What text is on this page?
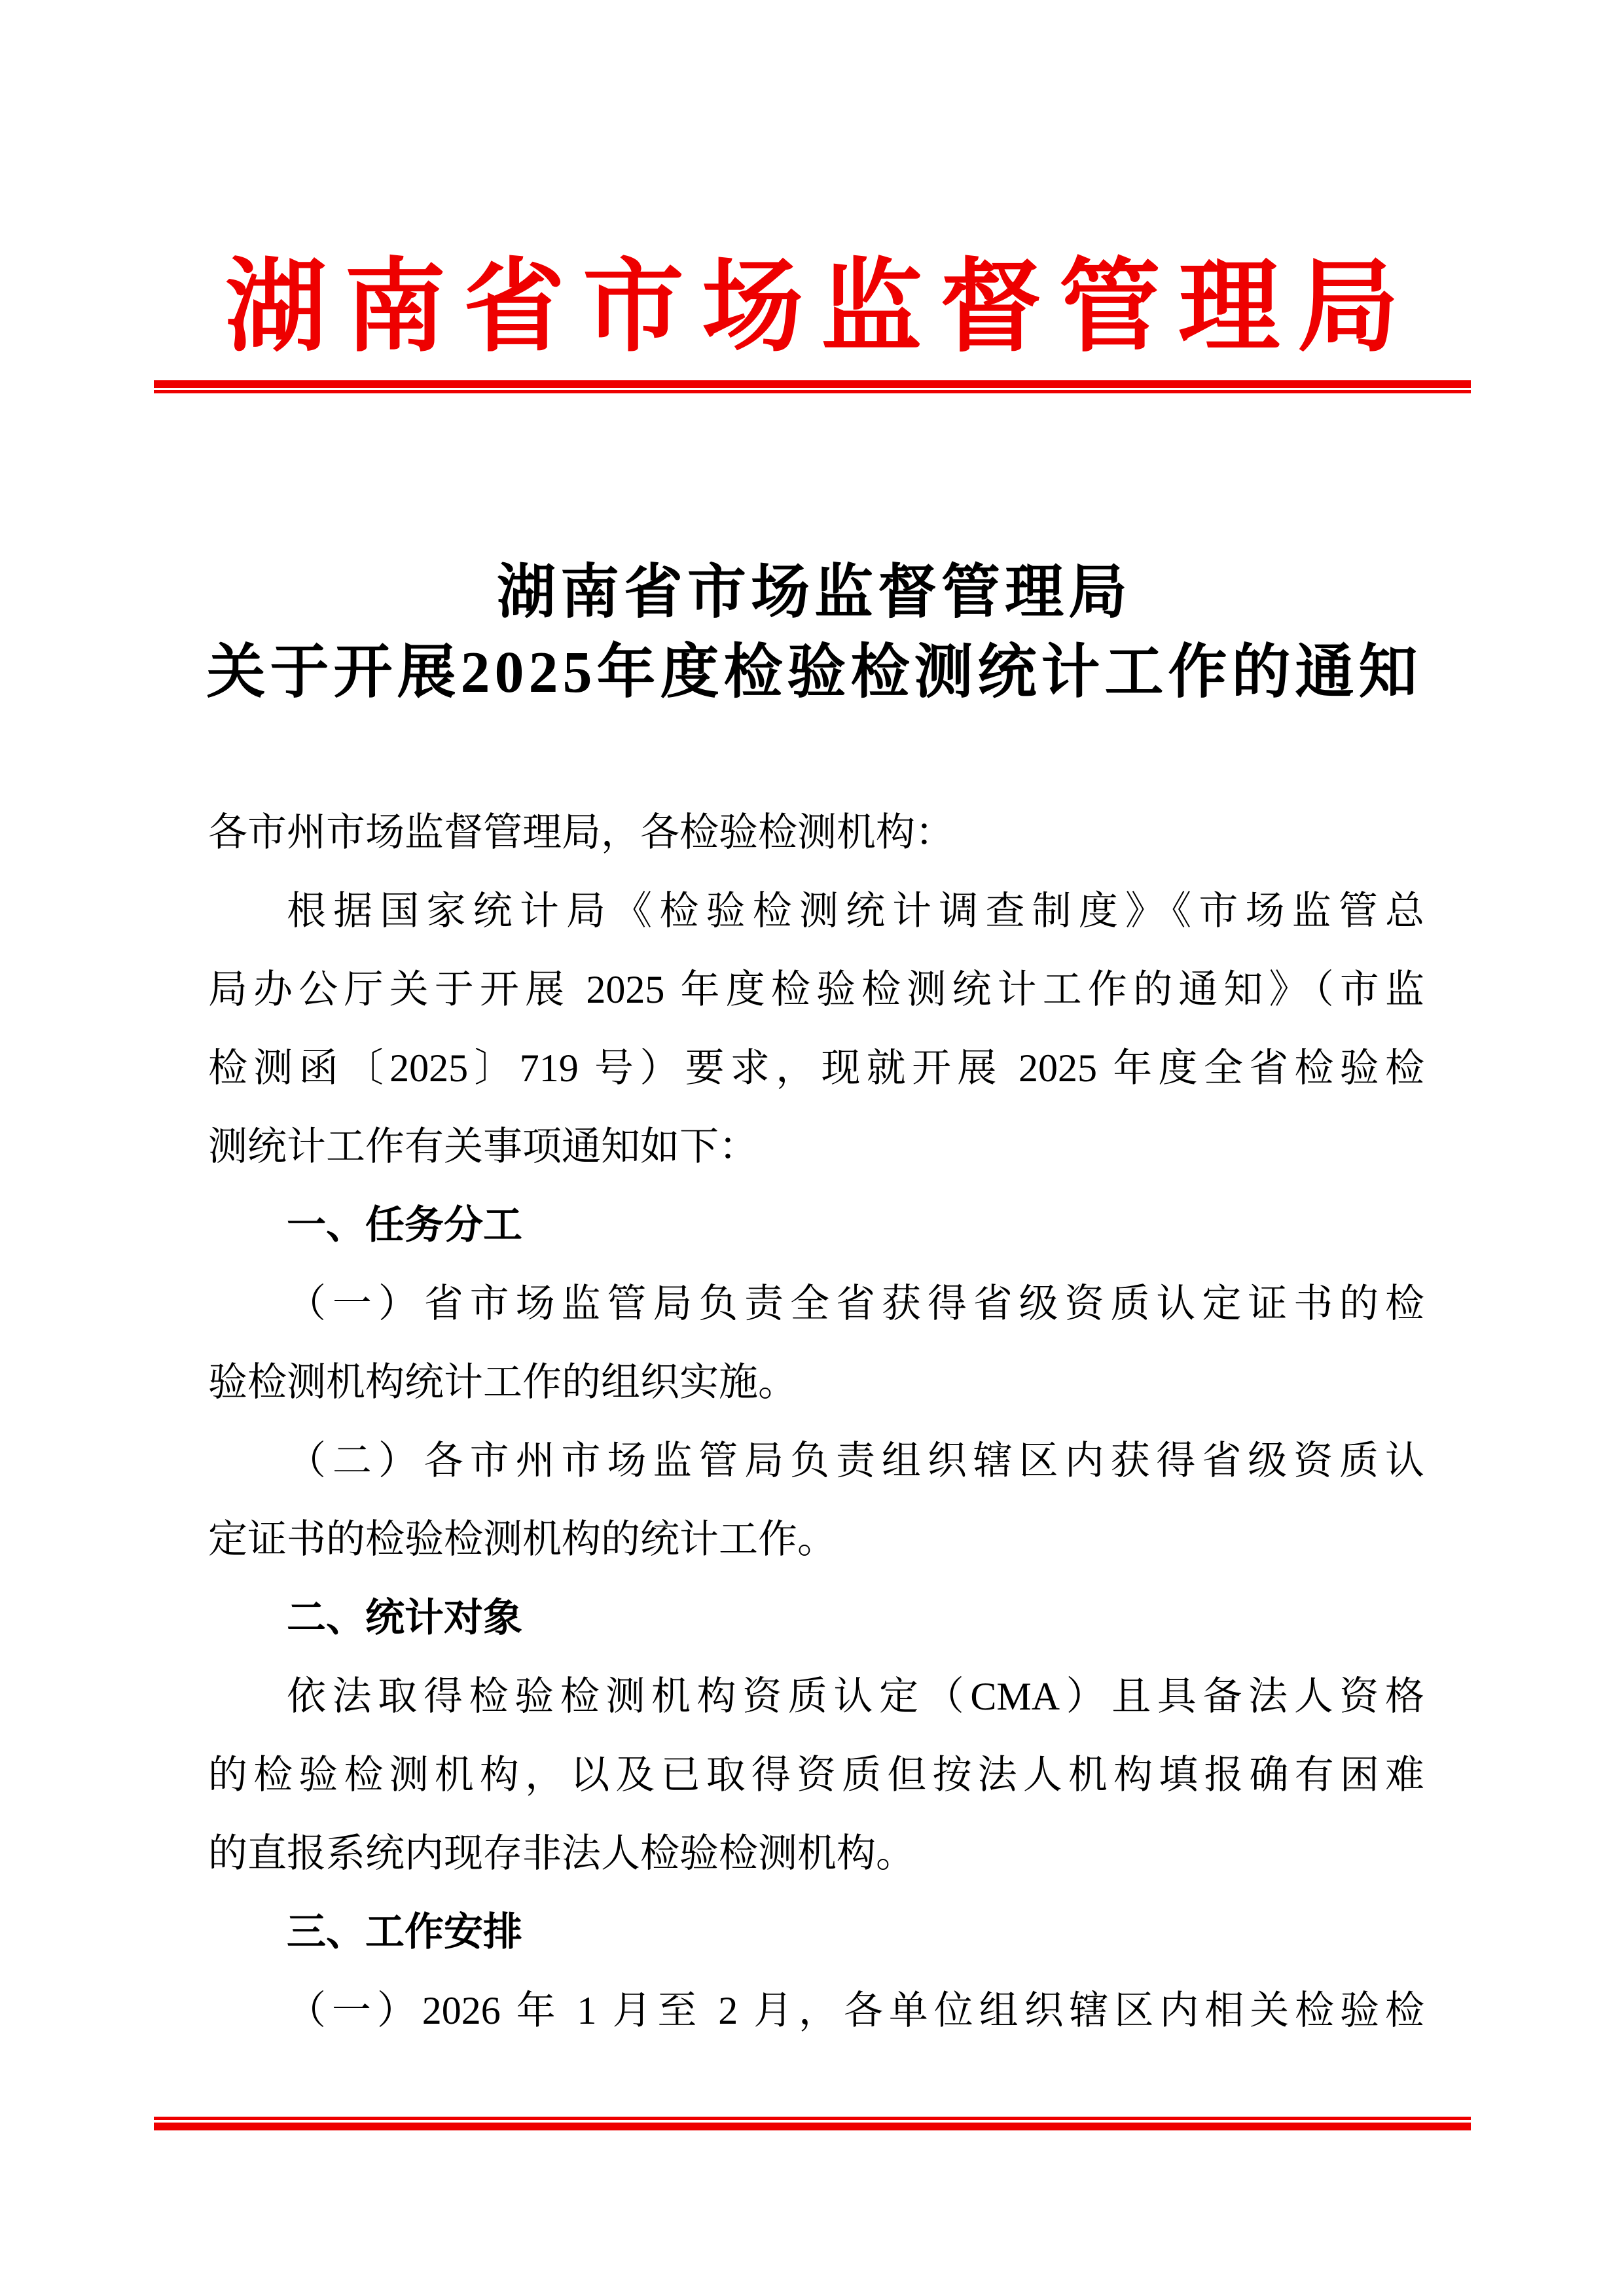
湖南省市场监督管理局
湖南省市场监督管理局
关于开展2025年度检验检测统计工作的通知
各市州市场监督管理局，各检验检测机构：
根据国家统计局《检验检测统计调查制度》《市场监管总
局办公厅关于开展 2025 年度检验检测统计工作的通知》（市监
检测函〔2025〕719 号）要求，现就开展 2025 年度全省检验检
测统计工作有关事项通知如下：
一、任务分工
（一）省市场监管局负责全省获得省级资质认定证书的检
验检测机构统计工作的组织实施。
（二）各市州市场监管局负责组织辖区内获得省级资质认
定证书的检验检测机构的统计工作。
二、统计对象
依法取得检验检测机构资质认定（CMA）且具备法人资格
的检验检测机构，以及已取得资质但按法人机构填报确有困难
的直报系统内现存非法人检验检测机构。
三、工作安排
（一）2026 年 1 月至 2 月，各单位组织辖区内相关检验检
